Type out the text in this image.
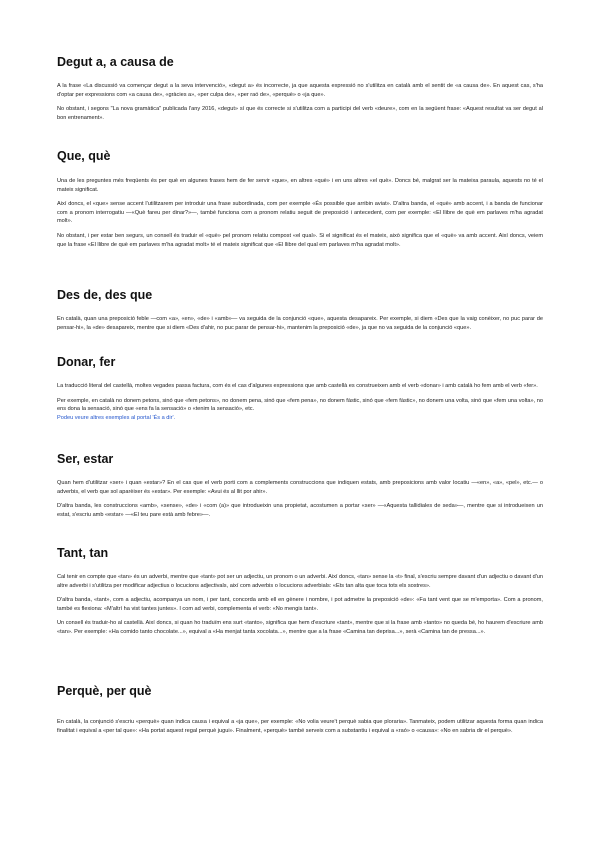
Degut a, a causa de

A la frase «La discussió va començar degut a la seva intervenció», «degut a» és incorrecte, ja que aquesta expressió no s'utilitza en català amb el sentit de «a causa de». En aquest cas, s'ha d'optar per expressions com «a causa de», «gràcies a», «per culpa de», «per raó de», «perquè» o «ja que».

No obstant, i segons "La nova gramàtica" publicada l'any 2016, «degut» sí que és correcte si s'utilitza com a participi del verb «deure», com en la següent frase: «Aquest resultat va ser degut al bon entrenament».

Que, què

Una de les preguntes més freqüents és per què en algunes frases hem de fer servir «que», en altres «què» i en uns altres «el què». Doncs bé, malgrat ser la mateixa paraula, aquests no té el mateix significat.

Així doncs, el «que» sense accent l'utilitzarem per introduir una frase subordinada, com per exemple «És possible que arribin aviat». D'altra banda, el «què» amb accent, i a banda de funcionar com a pronom interrogatiu —«Què fareu per dinar?»—, també funciona com a pronom relatiu seguit de preposició i antecedent, com per exemple: «El llibre de què em parlaves m'ha agradat molt».

No obstant, i per estar ben segurs, un consell és traduir el «què» pel pronom relatiu compost «el qual». Si el significat és el mateix, això significa que el «què» va amb accent. Així doncs, veiem que la frase «El llibre de què em parlaves m'ha agradat molt» té el mateix significat que «El llibre del qual em parlaves m'ha agradat molt».

Des de, des que

En català, quan una preposició feble —com «a», «en», «de» i «amb»— va seguida de la conjunció «que», aquesta desapareix. Per exemple, si diem «Des que la vaig conèixer, no puc parar de pensar-hi», la «de» desapareix, mentre que si diem «Des d'ahir, no puc parar de pensar-hi», mantenim la preposició «de», ja que no va seguida de la conjunció «que».

Donar, fer

La traducció literal del castellà, moltes vegades passa factura, com és el cas d'algunes expressions que amb castellà es construeixen amb el verb «donar» i amb català ho fem amb el verb «fer».

Per exemple, en català no donem petons, sinó que «fem petons», no donem pena, sinó que «fem pena», no donem fàstic, sinó que «fem fàstic», no donem una volta, sinó que «fem una volta», no ens dona la sensació, sinó que «ens fa la sensació» o «tenim la sensació», etc.

Podeu veure altres exemples al portal 'És a dir'.

Ser, estar

Quan hem d'utilitzar «ser» i quan «estar»? En el cas que el verb porti com a complements construccions que indiquen estats, amb preposicions amb valor locatiu —«en», «a», «pel», etc.— o adverbis, el verb que sol aparèixer és «estar». Per exemple: «Avui és al llit por ahir».

D'altra banda, les construccions «amb», «sense», «de» i «com (a)» que introdueixin una propietat, acostumen a portar «ser» —«Aquesta tallidiales de seda»—, mentre que si introdueixen un estat, s'escriu amb «estar» —«El teu pare està amb febre»—.

Tant, tan

Cal tenir en compte que «tan» és un adverbi, mentre que «tant» pot ser un adjectiu, un pronom o un adverbi. Així doncs, «tan» sense la «t» final, s'escriu sempre davant d'un adjectiu o davant d'un altre adverbi i s'utilitza per modificar adjectius o locucions adjectivals, així com adverbis o locucions adverbials: «Ets tan alta que toca tots els sostres».

D'altra banda, «tant», com a adjectiu, acompanya un nom, i per tant, concorda amb ell en gènere i nombre, i pot admetre la preposició «de»: «Fa tant vent que se m'emporta». Com a pronom, també es flexiona: «M'altrí ha vist tantes juntes». I com ad verbi, complementa el verb: «No mengis tant».

Un consell és traduir-ho al castellà. Així doncs, si quan ho traduïm ens surt «tanto», significa que hem d'escriure «tant», mentre que si la frase amb «tanto» no queda bé, ho haurem d'escriure amb «tan». Per exemple: «Ha comido tanto chocolate...», equival a «Ha menjat tanta xocolata...», mentre que a la frase «Camina tan deprisa...», serà «Camina tan de pressa...».

Perquè, per què

En català, la conjunció s'escriu «perquè» quan indica causa i equival a «ja que», per exemple: «No volia veure't perquè sabia que ploraria». Tanmateix, podem utilitzar aquesta forma quan indica finalitat i equival a «per tal que»: «Ha portat aquest regal perquè jugui». Finalment, «perquè» també serveix com a substantiu i equival a «raó» o «causa»: «No en sabria dir el perquè».
